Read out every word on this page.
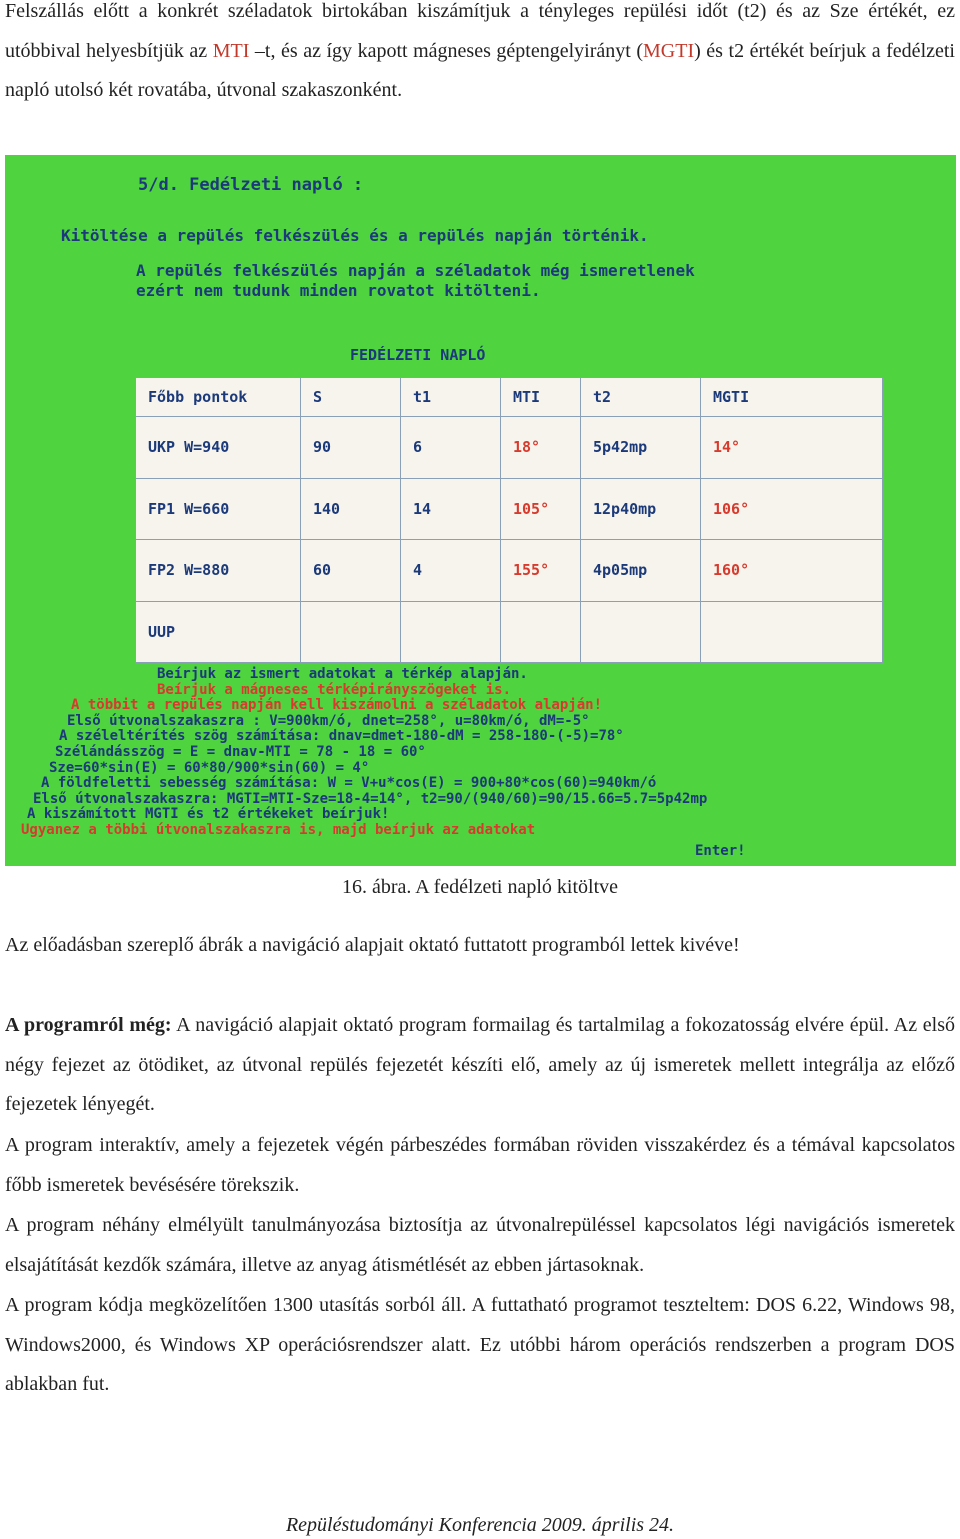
Felszállás előtt a konkrét széladatok birtokában kiszámítjuk a tényleges repülési időt (t2) és az Sze értékét, ez utóbbival helyesbítjük az MTI –t, és az így kapott mágneses géptengelyirányt (MGTI) és t2 értékét beírjuk a fedélzeti napló utolsó két rovatába, útvonal szakaszonként.

5/d. Fedélzeti napló :
Kitöltése a repülés felkészülés és a repülés napján történik.
A repülés felkészülés napján a széladatok még ismeretlenek
ezért nem tudunk minden rovatot kitölteni.
FEDÉLZETI NAPLÓ
Főbb pontok	S	t1	MTI	t2	MGTI
UKP W=940	90	6	18°	5p42mp	14°
FP1 W=660	140	14	105°	12p40mp	106°
FP2 W=880	60	4	155°	4p05mp	160°
UUP					
Beírjuk az ismert adatokat a térkép alapján.
Beírjuk a mágneses térképirányszögeket is.
A többit a repülés napján kell kiszámolni a széladatok alapján!
Első útvonalszakaszra : V=900km/ó, dnet=258°, u=80km/ó, dM=-5°
A széleltérítés szög számítása: dnav=dmet-180-dM = 258-180-(-5)=78°
Szélándásszög = E = dnav-MTI = 78 - 18 = 60°
Sze=60*sin(E) = 60*80/900*sin(60) = 4°
A földfeletti sebesség számítása: W = V+u*cos(E) = 900+80*cos(60)=940km/ó
Első útvonalszakaszra: MGTI=MTI-Sze=18-4=14°, t2=90/(940/60)=90/15.66=5.7=5p42mp
A kiszámított MGTI és t2 értékeket beírjuk!
Ugyanez a többi útvonalszakaszra is, majd beírjuk az adatokat
Enter!
16. ábra. A fedélzeti napló kitöltve

Az előadásban szereplő ábrák a navigáció alapjait oktató futtatott programból lettek kivéve!

A programról még: A navigáció alapjait oktató program formailag és tartalmilag a fokozatosság elvére épül. Az első négy fejezet az ötödiket, az útvonal repülés fejezetét készíti elő, amely az új ismeretek mellett integrálja az előző fejezetek lényegét.

A program interaktív, amely a fejezetek végén párbeszédes formában röviden visszakérdez és a témával kapcsolatos főbb ismeretek bevésésére törekszik.

A program néhány elmélyült tanulmányozása biztosítja az útvonalrepüléssel kapcsolatos légi navigációs ismeretek elsajátítását kezdők számára, illetve az anyag átismétlését az ebben jártasoknak.

A program kódja megközelítően 1300 utasítás sorból áll. A futtatható programot teszteltem: DOS 6.22, Windows 98, Windows2000, és Windows XP operációsrendszer alatt. Ez utóbbi három operációs rendszerben a program DOS ablakban fut.

Repüléstudományi Konferencia 2009. április 24.
